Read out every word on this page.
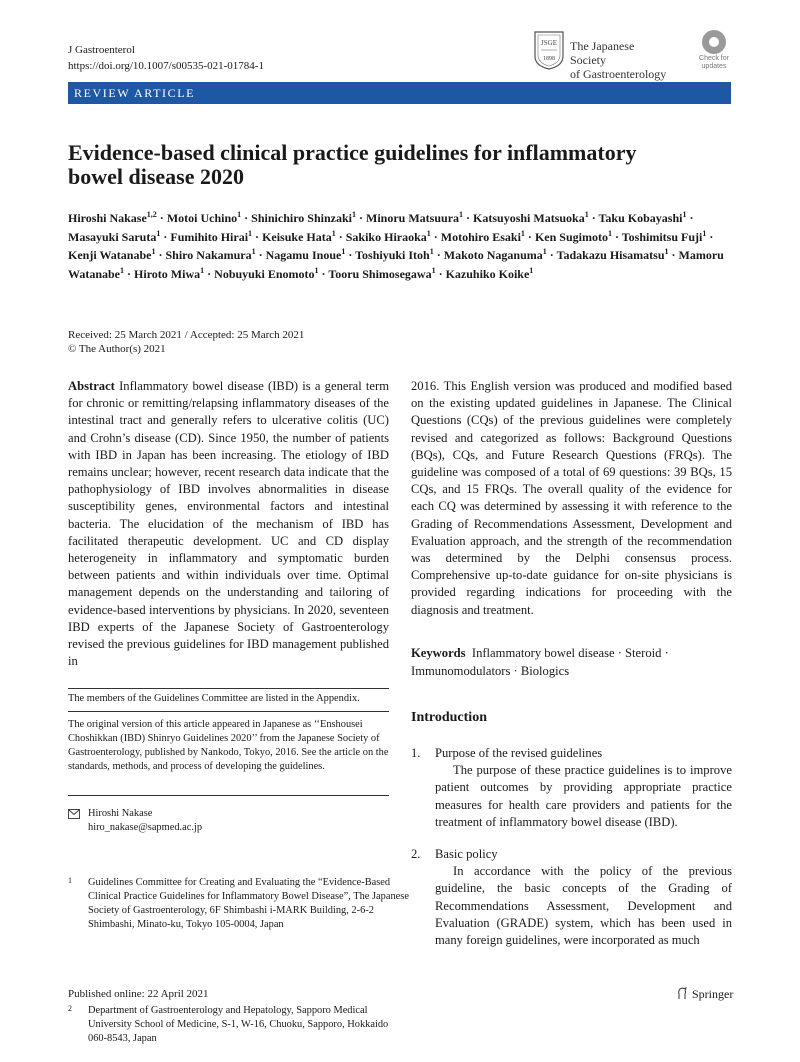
J Gastroenterol
https://doi.org/10.1007/s00535-021-01784-1
JSGE
1898
The Japanese Society
of Gastroenterology
Check for
updates
REVIEW ARTICLE
Evidence-based clinical practice guidelines for inflammatory
bowel disease 2020
Hiroshi Nakase$^{1,2}$ · Motoi Uchino$^1$ · Shinichiro Shinzaki$^1$ · Minoru Matsuura$^1$ · Katsuyoshi Matsuoka$^1$ · Taku Kobayashi$^1$ · Masayuki Saruta$^1$ · Fumihito Hirai$^1$ · Keisuke Hata$^1$ · Sakiko Hiraoka$^1$ · Motohiro Esaki$^1$ · Ken Sugimoto$^1$ · Toshimitsu Fuji$^1$ · Kenji Watanabe$^1$ · Shiro Nakamura$^1$ · Nagamu Inoue$^1$ · Toshiyuki Itoh$^1$ · Makoto Naganuma$^1$ · Tadakazu Hisamatsu$^1$ · Mamoru Watanabe$^1$ · Hiroto Miwa$^1$ · Nobuyuki Enomoto$^1$ · Tooru Shimosegawa$^1$ · Kazuhiko Koike$^1$
Received: 25 March 2021 / Accepted: 25 March 2021
© The Author(s) 2021
Abstract Inflammatory bowel disease (IBD) is a general term for chronic or remitting/relapsing inflammatory diseases of the intestinal tract and generally refers to ulcerative colitis (UC) and Crohn’s disease (CD). Since 1950, the number of patients with IBD in Japan has been increasing. The etiology of IBD remains unclear; however, recent research data indicate that the pathophysiology of IBD involves abnormalities in disease susceptibility genes, environmental factors and intestinal bacteria. The elucidation of the mechanism of IBD has facilitated therapeutic development. UC and CD display heterogeneity in inflammatory and symptomatic burden between patients and within individuals over time. Optimal management depends on the understanding and tailoring of evidence-based interventions by physicians. In 2020, seventeen IBD experts of the Japanese Society of Gastroenterology revised the previous guidelines for IBD management published in
2016. This English version was produced and modified based on the existing updated guidelines in Japanese. The Clinical Questions (CQs) of the previous guidelines were completely revised and categorized as follows: Background Questions (BQs), CQs, and Future Research Questions (FRQs). The guideline was composed of a total of 69 questions: 39 BQs, 15 CQs, and 15 FRQs. The overall quality of the evidence for each CQ was determined by assessing it with reference to the Grading of Recommendations Assessment, Development and Evaluation approach, and the strength of the recommendation was determined by the Delphi consensus process. Comprehensive up-to-date guidance for on-site physicians is provided regarding indications for proceeding with the diagnosis and treatment.
Keywords Inflammatory bowel disease · Steroid · Immunomodulators · Biologics
The members of the Guidelines Committee are listed in the Appendix.
The original version of this article appeared in Japanese as ‘‘Enshousei Choshikkan (IBD) Shinryo Guidelines 2020’’ from the Japanese Society of Gastroenterology, published by Nankodo, Tokyo, 2016. See the article on the standards, methods, and process of developing the guidelines.
Hiroshi Nakase
hiro_nakase@sapmed.ac.jp
1 Guidelines Committee for Creating and Evaluating the “Evidence-Based Clinical Practice Guidelines for Inflammatory Bowel Disease”, The Japanese Society of Gastroenterology, 6F Shimbashi i-MARK Building, 2-6-2 Shimbashi, Minato-ku, Tokyo 105-0004, Japan
2 Department of Gastroenterology and Hepatology, Sapporo Medical University School of Medicine, S-1, W-16, Chuoku, Sapporo, Hokkaido 060-8543, Japan
Introduction
1. Purpose of the revised guidelines
The purpose of these practice guidelines is to improve patient outcomes by providing appropriate practice measures for health care providers and patients for the treatment of inflammatory bowel disease (IBD).
2. Basic policy
In accordance with the policy of the previous guideline, the basic concepts of the Grading of Recommendations Assessment, Development and Evaluation (GRADE) system, which has been used in many foreign guidelines, were incorporated as much
Published online: 22 April 2021	Springer
